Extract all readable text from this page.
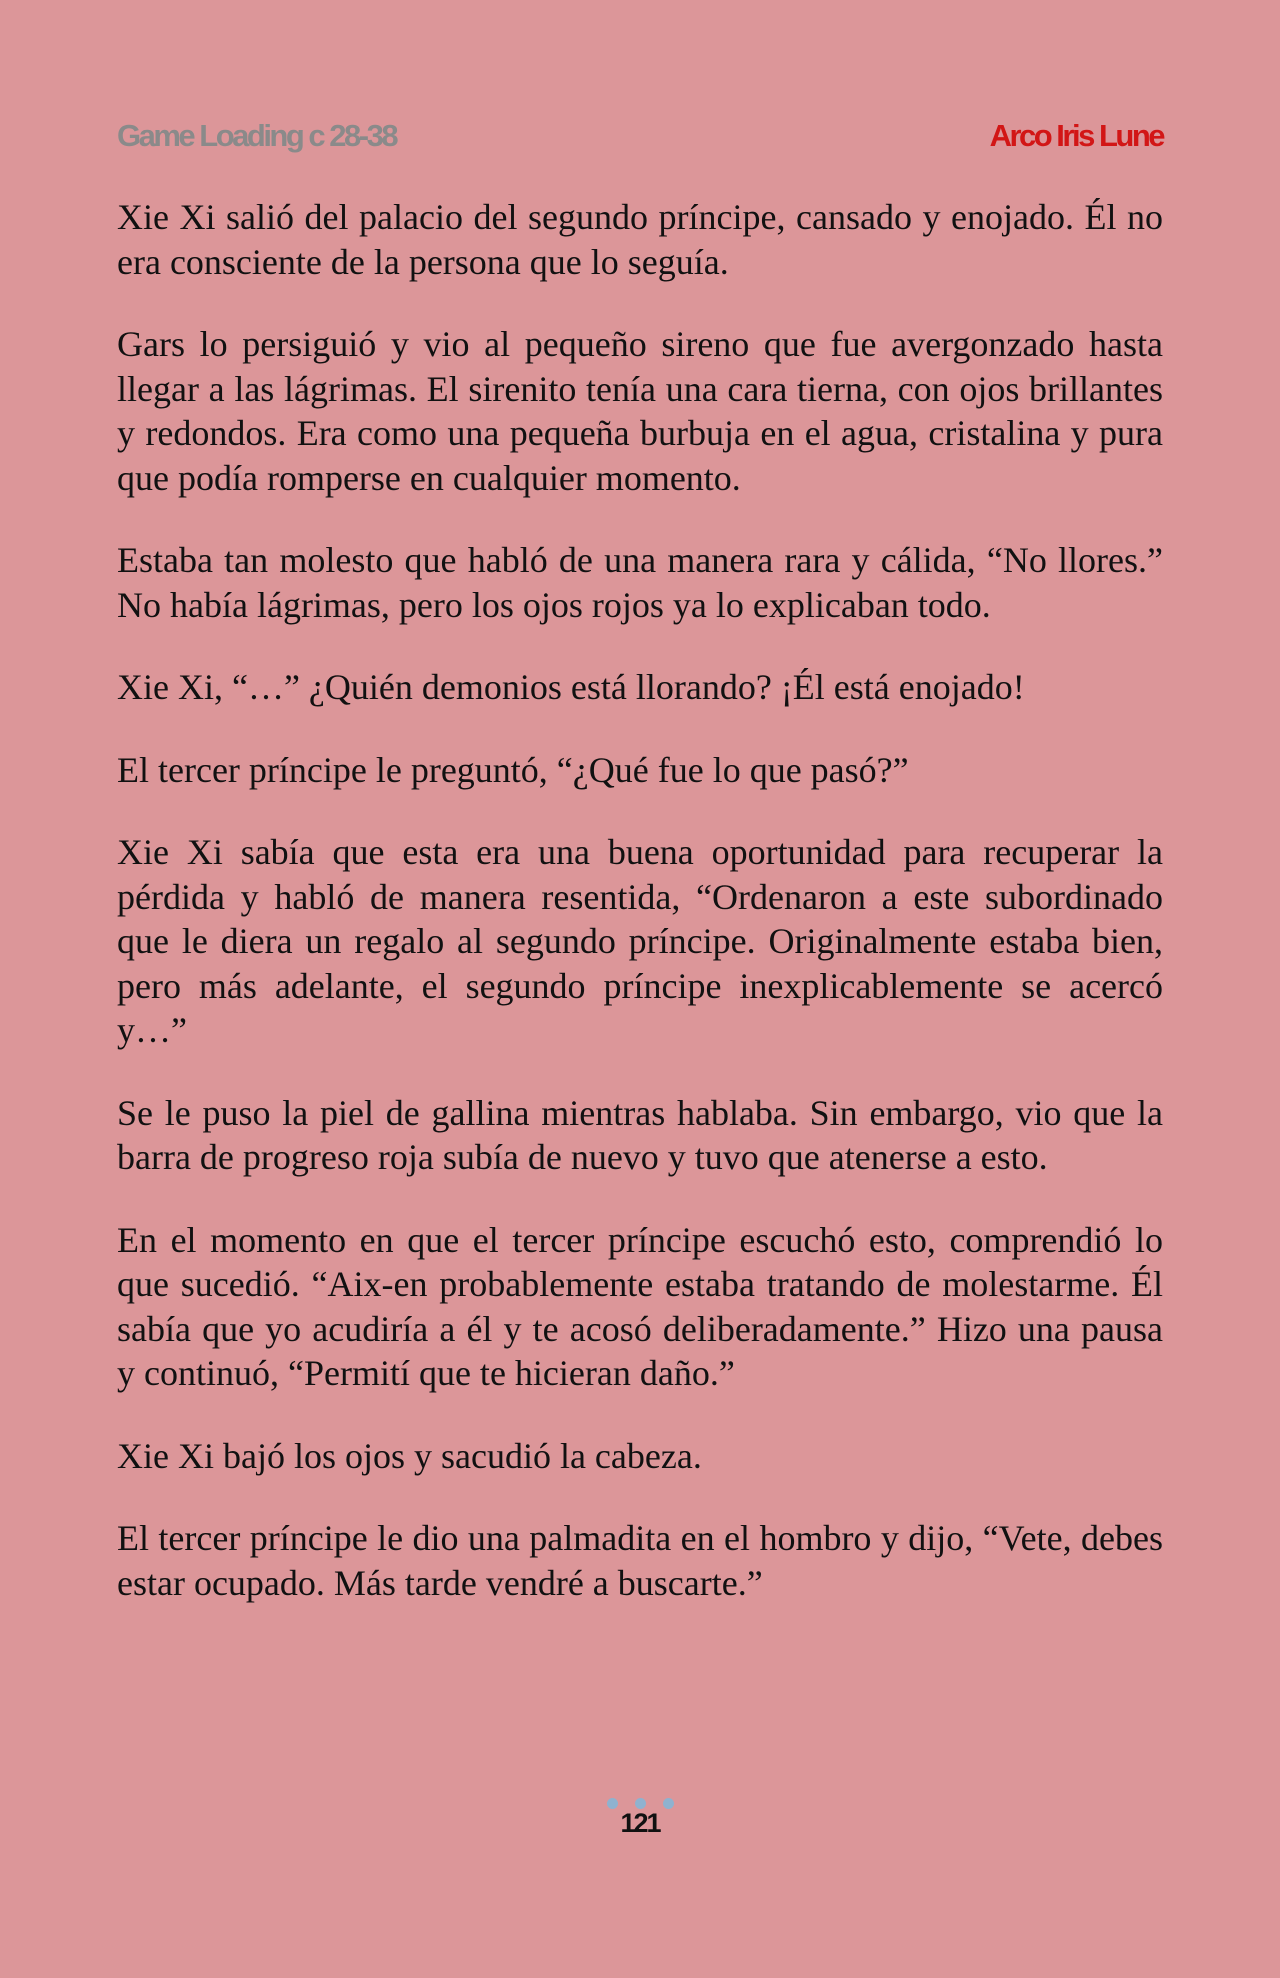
Game Loading c 28-38	Arco Iris Lune

Xie Xi salió del palacio del segundo príncipe, cansado y enojado. Él no era consciente de la persona que lo seguía.

Gars lo persiguió y vio al pequeño sireno que fue avergonzado hasta llegar a las lágrimas. El sirenito tenía una cara tierna, con ojos brillantes y redondos. Era como una pequeña burbuja en el agua, cristalina y pura que podía romperse en cualquier momento.

Estaba tan molesto que habló de una manera rara y cálida, “No llores.” No había lágrimas, pero los ojos rojos ya lo explicaban todo.

Xie Xi, “…” ¿Quién demonios está llorando? ¡Él está enojado!

El tercer príncipe le preguntó, “¿Qué fue lo que pasó?”

Xie Xi sabía que esta era una buena oportunidad para recuperar la pérdida y habló de manera resentida, “Ordenaron a este subordinado que le diera un regalo al segundo príncipe. Originalmente estaba bien, pero más adelante, el segundo príncipe inexplicablemente se acercó y…”

Se le puso la piel de gallina mientras hablaba. Sin embargo, vio que la barra de progreso roja subía de nuevo y tuvo que atenerse a esto.

En el momento en que el tercer príncipe escuchó esto, comprendió lo que sucedió. “Aix-en probablemente estaba tratando de molestarme. Él sabía que yo acudiría a él y te acosó deliberadamente.” Hizo una pausa y continuó, “Permití que te hicieran daño.”

Xie Xi bajó los ojos y sacudió la cabeza.

El tercer príncipe le dio una palmadita en el hombro y dijo, “Vete, debes estar ocupado. Más tarde vendré a buscarte.”

121
